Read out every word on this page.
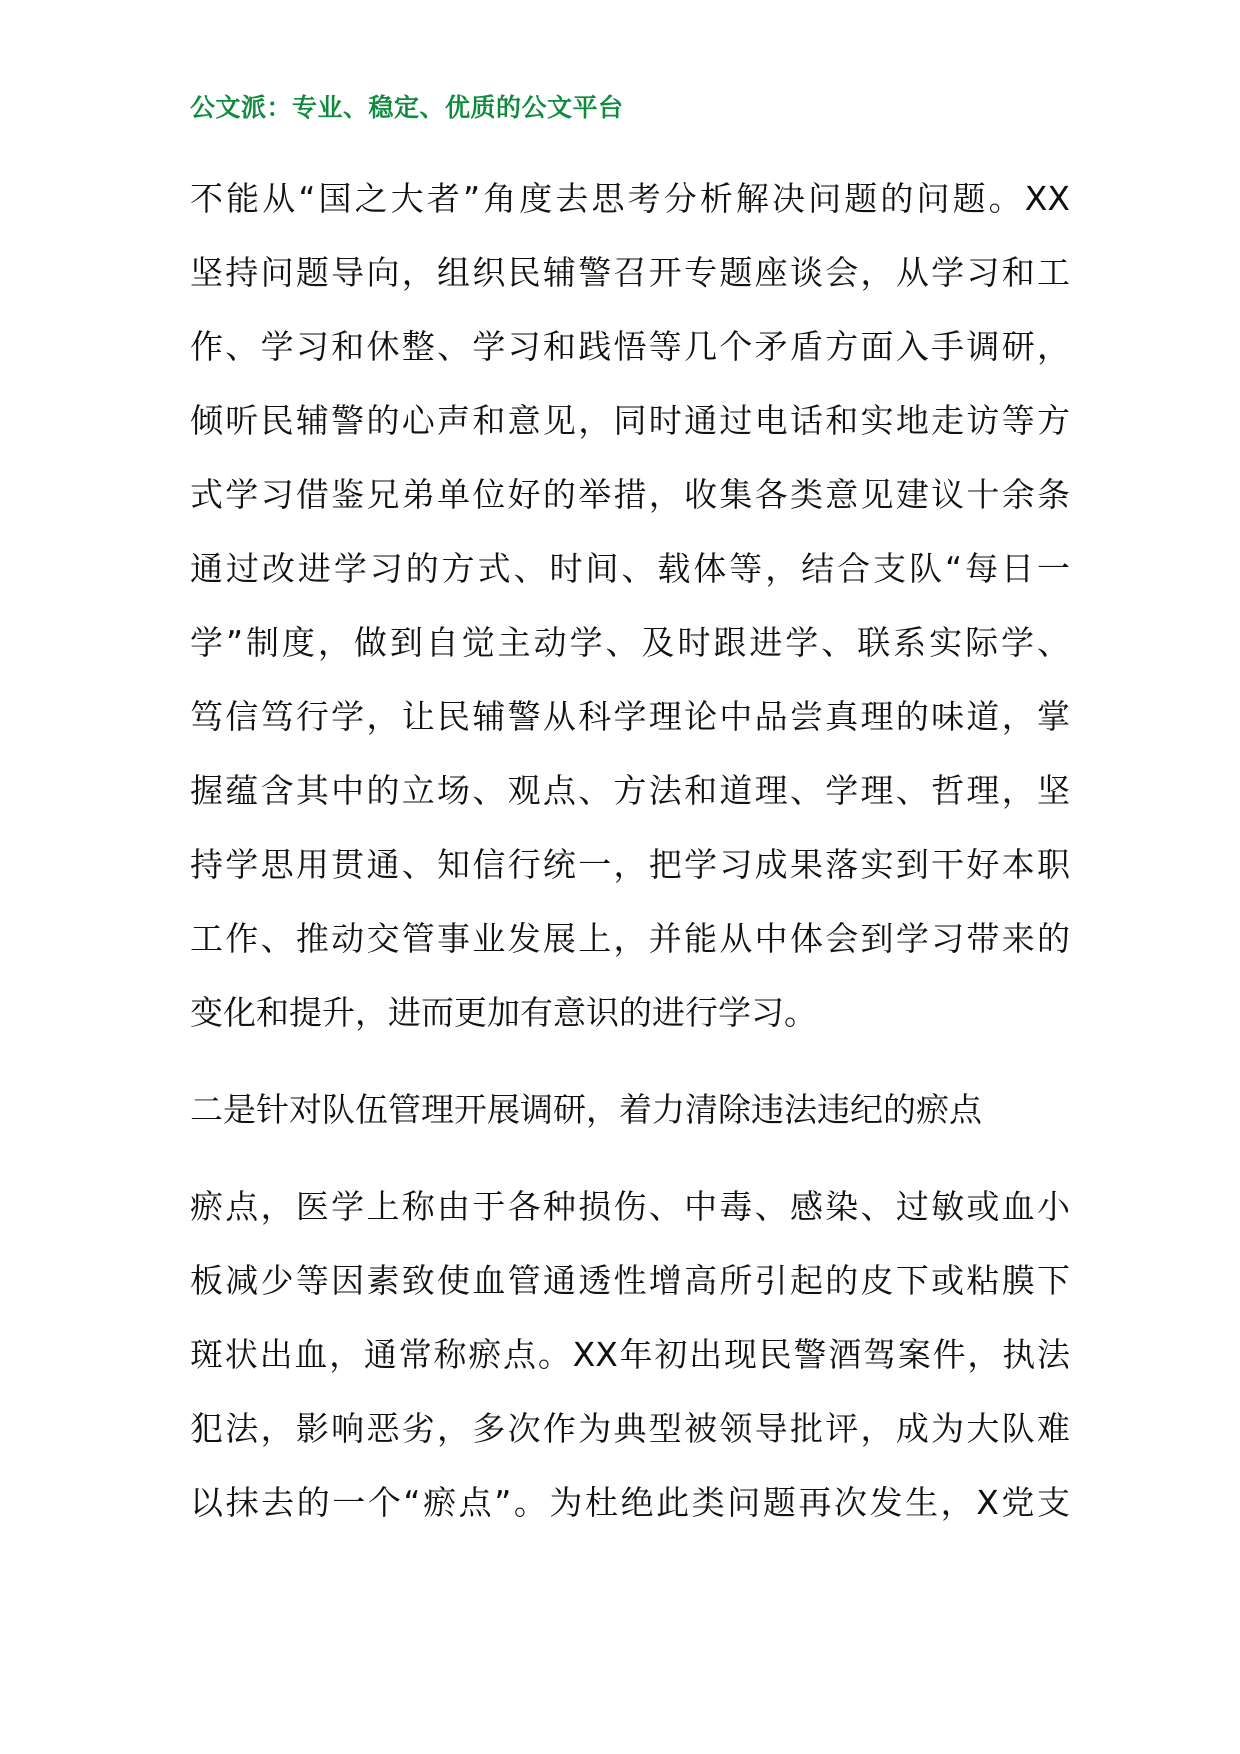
公文派：专业、稳定、优质的公文平台
不能从“国之大者”角度去思考分析解决问题的问题。XX
坚持问题导向，组织民辅警召开专题座谈会，从学习和工
作、学习和休整、学习和践悟等几个矛盾方面入手调研，
倾听民辅警的心声和意见，同时通过电话和实地走访等方
式学习借鉴兄弟单位好的举措，收集各类意见建议十余条
通过改进学习的方式、时间、载体等，结合支队“每日一
学”制度，做到自觉主动学、及时跟进学、联系实际学、
笃信笃行学，让民辅警从科学理论中品尝真理的味道，掌
握蕴含其中的立场、观点、方法和道理、学理、哲理，坚
持学思用贯通、知信行统一，把学习成果落实到干好本职
工作、推动交管事业发展上，并能从中体会到学习带来的
变化和提升，进而更加有意识的进行学习。
二是针对队伍管理开展调研，着力清除违法违纪的瘀点
瘀点，医学上称由于各种损伤、中毒、感染、过敏或血小
板减少等因素致使血管通透性增高所引起的皮下或粘膜下
斑状出血，通常称瘀点。XX年初出现民警酒驾案件，执法
犯法，影响恶劣，多次作为典型被领导批评，成为大队难
以抹去的一个“瘀点”。为杜绝此类问题再次发生，X党支
